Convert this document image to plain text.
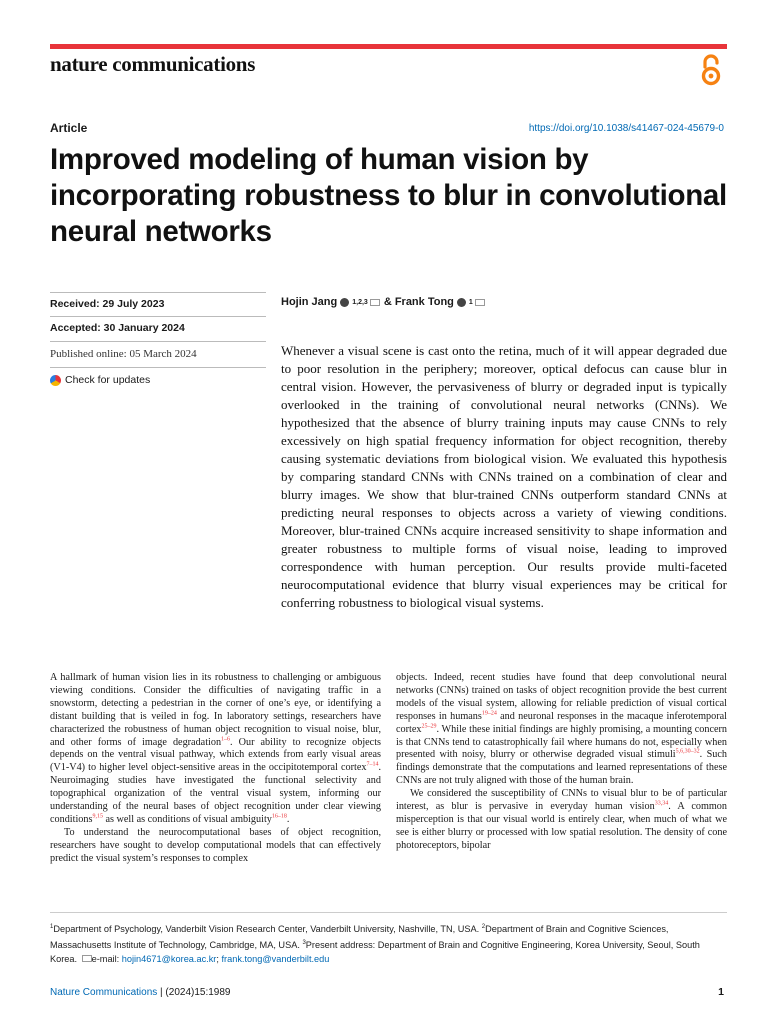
nature communications
Article	https://doi.org/10.1038/s41467-024-45679-0
Improved modeling of human vision by incorporating robustness to blur in convolutional neural networks
Received: 29 July 2023
Accepted: 30 January 2024
Published online: 05 March 2024
Check for updates
Hojin Jang 1,2,3 & Frank Tong 1

Whenever a visual scene is cast onto the retina, much of it will appear degraded due to poor resolution in the periphery; moreover, optical defocus can cause blur in central vision. However, the pervasiveness of blurry or degraded input is typically overlooked in the training of convolutional neural networks (CNNs). We hypothesized that the absence of blurry training inputs may cause CNNs to rely excessively on high spatial frequency information for object recognition, thereby causing systematic deviations from biological vision. We evaluated this hypothesis by comparing standard CNNs with CNNs trained on a combination of clear and blurry images. We show that blur-trained CNNs outperform standard CNNs at predicting neural responses to objects across a variety of viewing conditions. Moreover, blur-trained CNNs acquire increased sensitivity to shape information and greater robustness to multiple forms of visual noise, leading to improved correspondence with human perception. Our results provide multi-faceted neurocomputational evidence that blurry visual experiences may be critical for conferring robustness to biological visual systems.

A hallmark of human vision lies in its robustness to challenging or ambiguous viewing conditions. Consider the difficulties of navigating traffic in a snowstorm, detecting a pedestrian in the corner of one’s eye, or identifying a distant building that is veiled in fog. In laboratory settings, researchers have characterized the robustness of human object recognition to visual noise, blur, and other forms of image degradation$^{1-6}$. Our ability to recognize objects depends on the ventral visual pathway, which extends from early visual areas (V1-V4) to higher level object-sensitive areas in the occipitotemporal cortex$^{7-14}$. Neuroimaging studies have investigated the functional selectivity and topographical organization of the ventral visual system, informing our understanding of the neural bases of object recognition under clear viewing conditions$^{9,15}$ as well as conditions of visual ambiguity$^{16-18}$.

To understand the neurocomputational bases of object recognition, researchers have sought to develop computational models that can effectively predict the visual system’s responses to complex

objects. Indeed, recent studies have found that deep convolutional neural networks (CNNs) trained on tasks of object recognition provide the best current models of the visual system, allowing for reliable prediction of visual cortical responses in humans$^{19-24}$ and neuronal responses in the macaque inferotemporal cortex$^{25-29}$. While these initial findings are highly promising, a mounting concern is that CNNs tend to catastrophically fail where humans do not, especially when presented with noisy, blurry or otherwise degraded visual stimuli$^{5,6,30-32}$. Such findings demonstrate that the computations and learned representations of these CNNs are not truly aligned with those of the human brain.

We considered the susceptibility of CNNs to visual blur to be of particular interest, as blur is pervasive in everyday human vision$^{33,34}$. A common misperception is that our visual world is entirely clear, when much of what we see is either blurry or processed with low spatial resolution. The density of cone photoreceptors, bipolar

$^1$Department of Psychology, Vanderbilt Vision Research Center, Vanderbilt University, Nashville, TN, USA. $^2$Department of Brain and Cognitive Sciences, Massachusetts Institute of Technology, Cambridge, MA, USA. $^3$Present address: Department of Brain and Cognitive Engineering, Korea University, Seoul, South Korea. e-mail: hojin4671@korea.ac.kr; frank.tong@vanderbilt.edu

Nature Communications | (2024)15:1989	1
